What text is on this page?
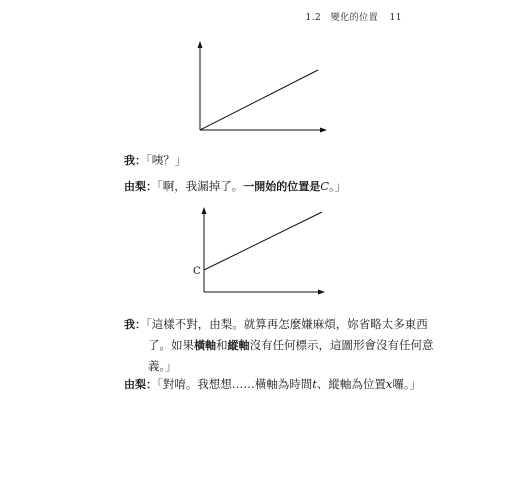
1.2 變化的位置 11
我：「咦？」
由梨：「啊，我漏掉了。一開始的位置是C。」
C
我：「這樣不對，由梨。就算再怎麼嫌麻煩，妳省略太多東西
了。如果橫軸和縱軸沒有任何標示，這圖形會沒有任何意
義。」
由梨：「對唷。我想想……橫軸為時間t、縱軸為位置x囉。」
